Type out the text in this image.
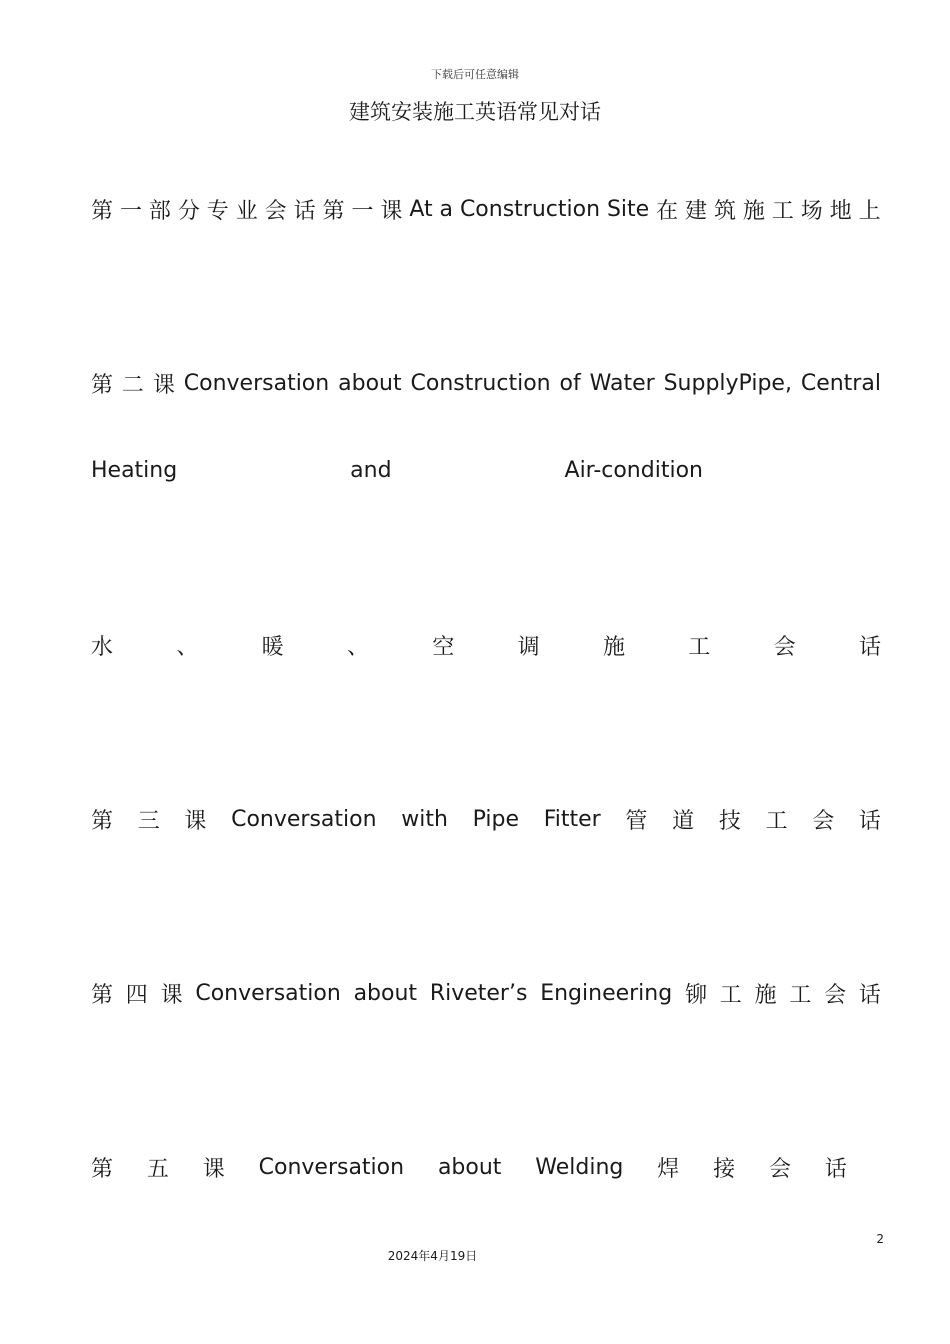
下载后可任意编辑
建筑安装施工英语常见对话
第 一 部 分 专 业 会 话 第 一 课 At a Construction Site 在 建 筑 施 工 场 地 上
第 二 课 Conversation about Construction of Water SupplyPipe, Central
Heating	and	Air-condition
水	、	暖	、	空	调	施	工	会	话
第 三 课 Conversation with Pipe Fitter 管 道 技 工 会 话
第 四 课 Conversation about Riveter’s Engineering 铆 工 施 工 会 话
第 五 课 Conversation about Welding 焊 接 会 话
2
2024年4月19日
